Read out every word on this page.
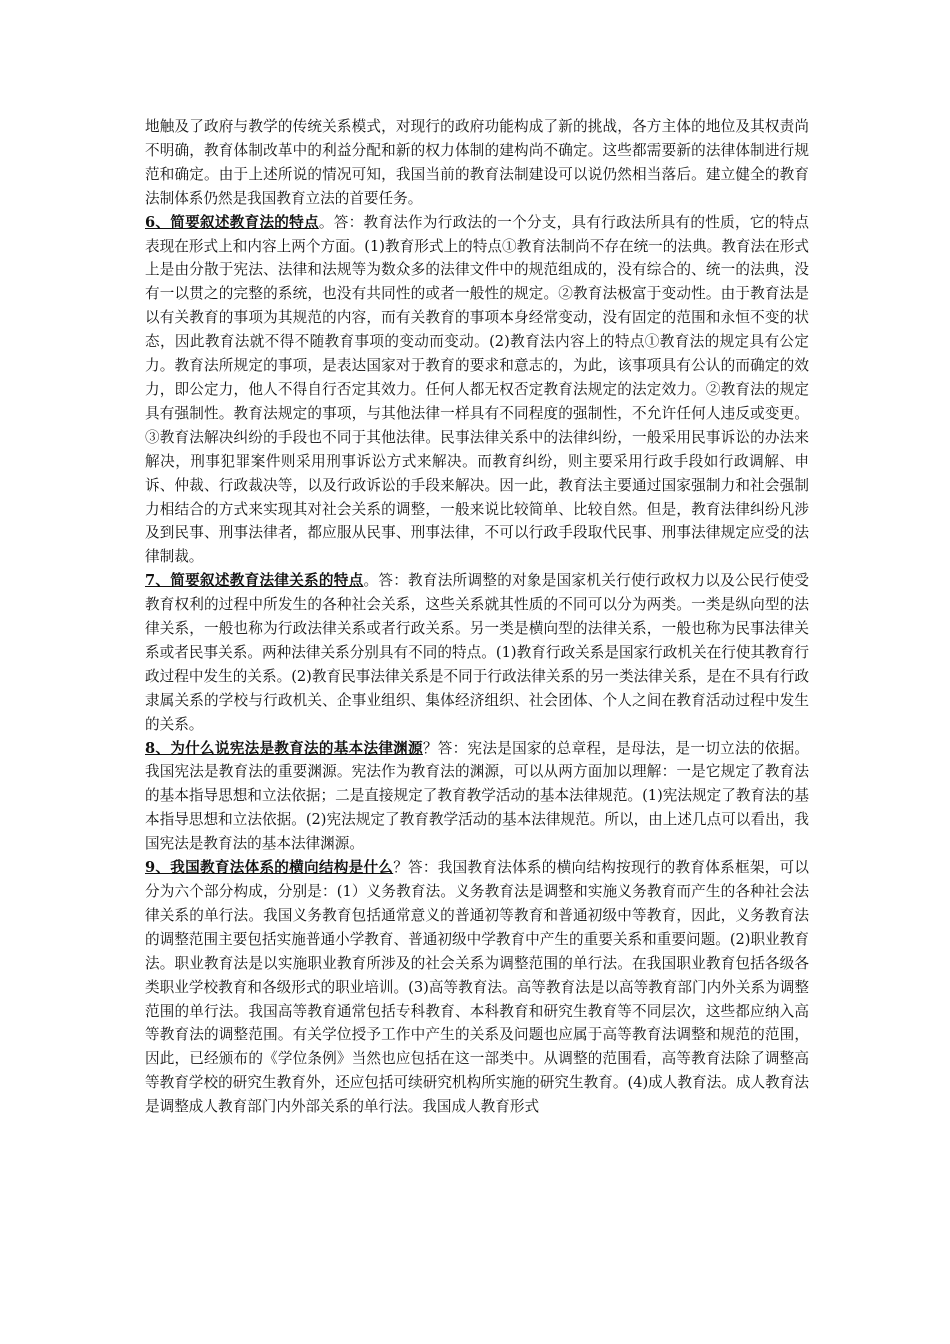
地触及了政府与教学的传统关系模式，对现行的政府功能构成了新的挑战，各方主体的地位及其权责尚不明确，教育体制改革中的利益分配和新的权力体制的建构尚不确定。这些都需要新的法律体制进行规范和确定。由于上述所说的情况可知，我国当前的教育法制建设可以说仍然相当落后。建立健全的教育法制体系仍然是我国教育立法的首要任务。

6、简要叙述教育法的特点。答：教育法作为行政法的一个分支，具有行政法所具有的性质，它的特点表现在形式上和内容上两个方面。(1)教育形式上的特点①教育法制尚不存在统一的法典。教育法在形式上是由分散于宪法、法律和法规等为数众多的法律文件中的规范组成的，没有综合的、统一的法典，没有一以贯之的完整的系统，也没有共同性的或者一般性的规定。②教育法极富于变动性。由于教育法是以有关教育的事项为其规范的内容，而有关教育的事项本身经常变动，没有固定的范围和永恒不变的状态，因此教育法就不得不随教育事项的变动而变动。(2)教育法内容上的特点①教育法的规定具有公定力。教育法所规定的事项，是表达国家对于教育的要求和意志的，为此，该事项具有公认的而确定的效力，即公定力，他人不得自行否定其效力。任何人都无权否定教育法规定的法定效力。②教育法的规定具有强制性。教育法规定的事项，与其他法律一样具有不同程度的强制性，不允许任何人违反或变更。③教育法解决纠纷的手段也不同于其他法律。民事法律关系中的法律纠纷，一般采用民事诉讼的办法来解决，刑事犯罪案件则采用刑事诉讼方式来解决。而教育纠纷，则主要采用行政手段如行政调解、申诉、仲裁、行政裁决等，以及行政诉讼的手段来解决。因一此，教育法主要通过国家强制力和社会强制力相结合的方式来实现其对社会关系的调整，一般来说比较简单、比较自然。但是，教育法律纠纷凡涉及到民事、刑事法律者，都应服从民事、刑事法律，不可以行政手段取代民事、刑事法律规定应受的法律制裁。

7、简要叙述教育法律关系的特点。答：教育法所调整的对象是国家机关行使行政权力以及公民行使受教育权利的过程中所发生的各种社会关系，这些关系就其性质的不同可以分为两类。一类是纵向型的法律关系，一般也称为行政法律关系或者行政关系。另一类是横向型的法律关系，一般也称为民事法律关系或者民事关系。两种法律关系分别具有不同的特点。(1)教育行政关系是国家行政机关在行使其教育行政过程中发生的关系。(2)教育民事法律关系是不同于行政法律关系的另一类法律关系，是在不具有行政隶属关系的学校与行政机关、企事业组织、集体经济组织、社会团体、个人之间在教育活动过程中发生的关系。

8、为什么说宪法是教育法的基本法律渊源？答：宪法是国家的总章程，是母法，是一切立法的依据。我国宪法是教育法的重要渊源。宪法作为教育法的渊源，可以从两方面加以理解：一是它规定了教育法的基本指导思想和立法依据；二是直接规定了教育教学活动的基本法律规范。(1)宪法规定了教育法的基本指导思想和立法依据。(2)宪法规定了教育教学活动的基本法律规范。所以，由上述几点可以看出，我国宪法是教育法的基本法律渊源。

9、我国教育法体系的横向结构是什么？答：我国教育法体系的横向结构按现行的教育体系框架，可以分为六个部分构成，分别是：(1）义务教育法。义务教育法是调整和实施义务教育而产生的各种社会法律关系的单行法。我国义务教育包括通常意义的普通初等教育和普通初级中等教育，因此，义务教育法的调整范围主要包括实施普通小学教育、普通初级中学教育中产生的重要关系和重要问题。(2)职业教育法。职业教育法是以实施职业教育所涉及的社会关系为调整范围的单行法。在我国职业教育包括各级各类职业学校教育和各级形式的职业培训。(3)高等教育法。高等教育法是以高等教育部门内外关系为调整范围的单行法。我国高等教育通常包括专科教育、本科教育和研究生教育等不同层次，这些都应纳入高等教育法的调整范围。有关学位授予工作中产生的关系及问题也应属于高等教育法调整和规范的范围，因此，已经颁布的《学位条例》当然也应包括在这一部类中。从调整的范围看，高等教育法除了调整高等教育学校的研究生教育外，还应包括可续研究机构所实施的研究生教育。(4)成人教育法。成人教育法是调整成人教育部门内外部关系的单行法。我国成人教育形式
